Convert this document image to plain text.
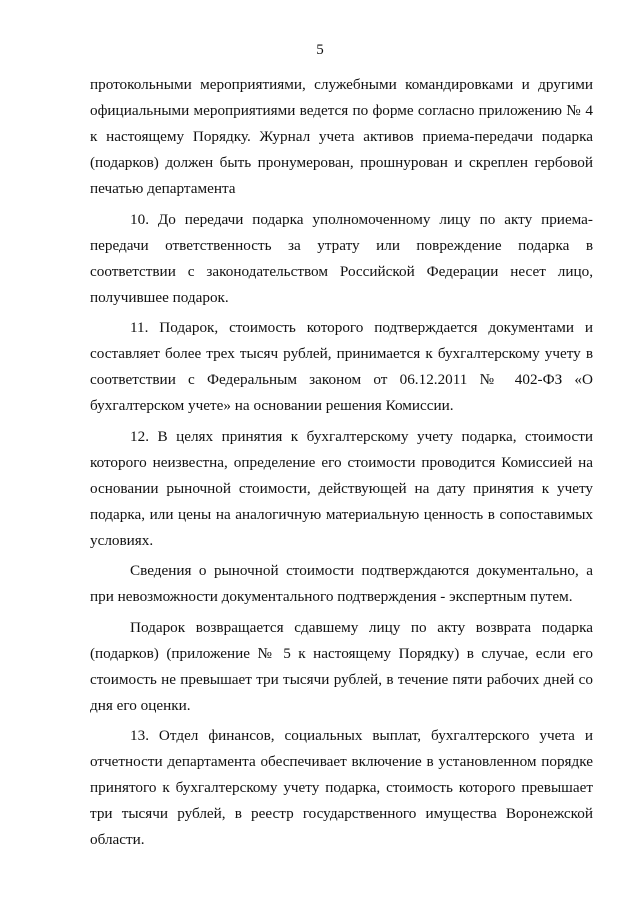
5

протокольными мероприятиями, служебными командировками и другими официальными мероприятиями ведется по форме согласно приложению № 4 к настоящему Порядку. Журнал учета активов приема-передачи подарка (подарков) должен быть пронумерован, прошнурован и скреплен гербовой печатью департамента

10. До передачи подарка уполномоченному лицу по акту приема-передачи ответственность за утрату или повреждение подарка в соответствии с законодательством Российской Федерации несет лицо, получившее подарок.

11. Подарок, стоимость которого подтверждается документами и составляет более трех тысяч рублей, принимается к бухгалтерскому учету в соответствии с Федеральным законом от 06.12.2011 № 402-ФЗ «О бухгалтерском учете» на основании решения Комиссии.

12. В целях принятия к бухгалтерскому учету подарка, стоимости которого неизвестна, определение его стоимости проводится Комиссией на основании рыночной стоимости, действующей на дату принятия к учету подарка, или цены на аналогичную материальную ценность в сопоставимых условиях.

Сведения о рыночной стоимости подтверждаются документально, а при невозможности документального подтверждения - экспертным путем.

Подарок возвращается сдавшему лицу по акту возврата подарка (подарков) (приложение № 5 к настоящему Порядку) в случае, если его стоимость не превышает три тысячи рублей, в течение пяти рабочих дней со дня его оценки.

13. Отдел финансов, социальных выплат, бухгалтерского учета и отчетности департамента обеспечивает включение в установленном порядке принятого к бухгалтерскому учету подарка, стоимость которого превышает три тысячи рублей, в реестр государственного имущества Воронежской области.
